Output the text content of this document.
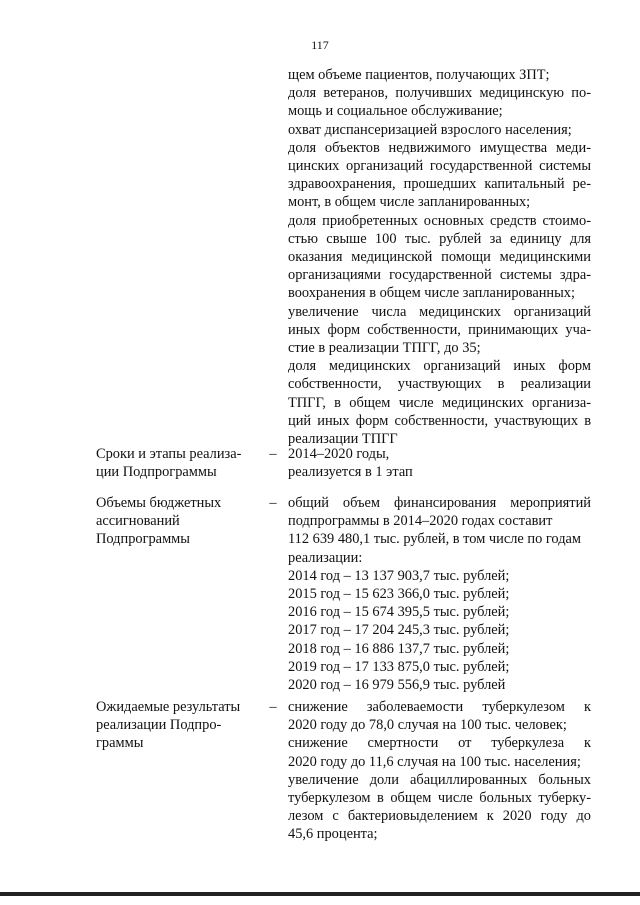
117
щем объеме пациентов, получающих ЗПТ;
доля ветеранов, получивших медицинскую по-
мощь и социальное обслуживание;
охват диспансеризацией взрослого населения;
доля объектов недвижимого имущества меди-
цинских организаций государственной системы
здравоохранения, прошедших капитальный ре-
монт, в общем числе запланированных;
доля приобретенных основных средств стоимо-
стью свыше 100 тыс. рублей за единицу для
оказания медицинской помощи медицинскими
организациями государственной системы здра-
воохранения в общем числе запланированных;
увеличение числа медицинских организаций
иных форм собственности, принимающих уча-
стие в реализации ТПГГ, до 35;
доля медицинских организаций иных форм
собственности, участвующих в реализации
ТПГГ, в общем числе медицинских организа-
ций иных форм собственности, участвующих в
реализации ТПГГ
Сроки и этапы реализа-
ции Подпрограммы
– 2014–2020 годы,
реализуется в 1 этап
Объемы бюджетных
ассигнований
Подпрограммы
– общий объем финансирования мероприятий
подпрограммы в 2014–2020 годах составит
112 639 480,1 тыс. рублей, в том числе по годам
реализации:
2014 год – 13 137 903,7 тыс. рублей;
2015 год – 15 623 366,0 тыс. рублей;
2016 год – 15 674 395,5 тыс. рублей;
2017 год – 17 204 245,3 тыс. рублей;
2018 год – 16 886 137,7 тыс. рублей;
2019 год – 17 133 875,0 тыс. рублей;
2020 год – 16 979 556,9 тыс. рублей
Ожидаемые результаты
реализации Подпро-
граммы
– снижение заболеваемости туберкулезом к
2020 году до 78,0 случая на 100 тыс. человек;
снижение смертности от туберкулеза к
2020 году до 11,6 случая на 100 тыс. населения;
увеличение доли абациллированных больных
туберкулезом в общем числе больных туберку-
лезом с бактериовыделением к 2020 году до
45,6 процента;
